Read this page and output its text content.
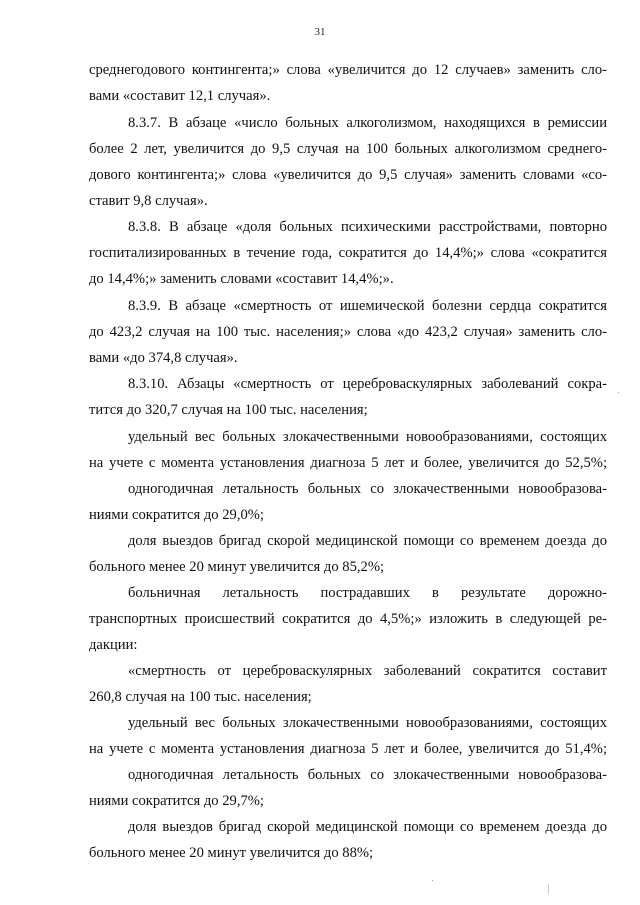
31
среднегодового контингента;» слова «увеличится до 12 случаев» заменить сло-
вами «составит 12,1 случая».
8.3.7. В абзаце «число больных алкоголизмом, находящихся в ремиссии
более 2 лет, увеличится до 9,5 случая на 100 больных алкоголизмом среднего-
дового контингента;» слова «увеличится до 9,5 случая» заменить словами «со-
ставит 9,8 случая».
8.3.8. В абзаце «доля больных психическими расстройствами, повторно
госпитализированных в течение года, сократится до 14,4%;» слова «сократится
до 14,4%;» заменить словами «составит 14,4%;».
8.3.9. В абзаце «смертность от ишемической болезни сердца сократится
до 423,2 случая на 100 тыс. населения;» слова «до 423,2 случая» заменить сло-
вами «до 374,8 случая».
8.3.10. Абзацы «смертность от цереброваскулярных заболеваний сокра-
тится до 320,7 случая на 100 тыс. населения;
удельный вес больных злокачественными новообразованиями, состоящих
на учете с момента установления диагноза 5 лет и более, увеличится до 52,5%;
одногодичная летальность больных со злокачественными новообразова-
ниями сократится до 29,0%;
доля выездов бригад скорой медицинской помощи со временем доезда до
больного менее 20 минут увеличится до 85,2%;
больничная летальность пострадавших в результате дорожно-
транспортных происшествий сократится до 4,5%;» изложить в следующей ре-
дакции:
«смертность от цереброваскулярных заболеваний сократится составит
260,8 случая на 100 тыс. населения;
удельный вес больных злокачественными новообразованиями, состоящих
на учете с момента установления диагноза 5 лет и более, увеличится до 51,4%;
одногодичная летальность больных со злокачественными новообразова-
ниями сократится до 29,7%;
доля выездов бригад скорой медицинской помощи со временем доезда до
больного менее 20 минут увеличится до 88%;
